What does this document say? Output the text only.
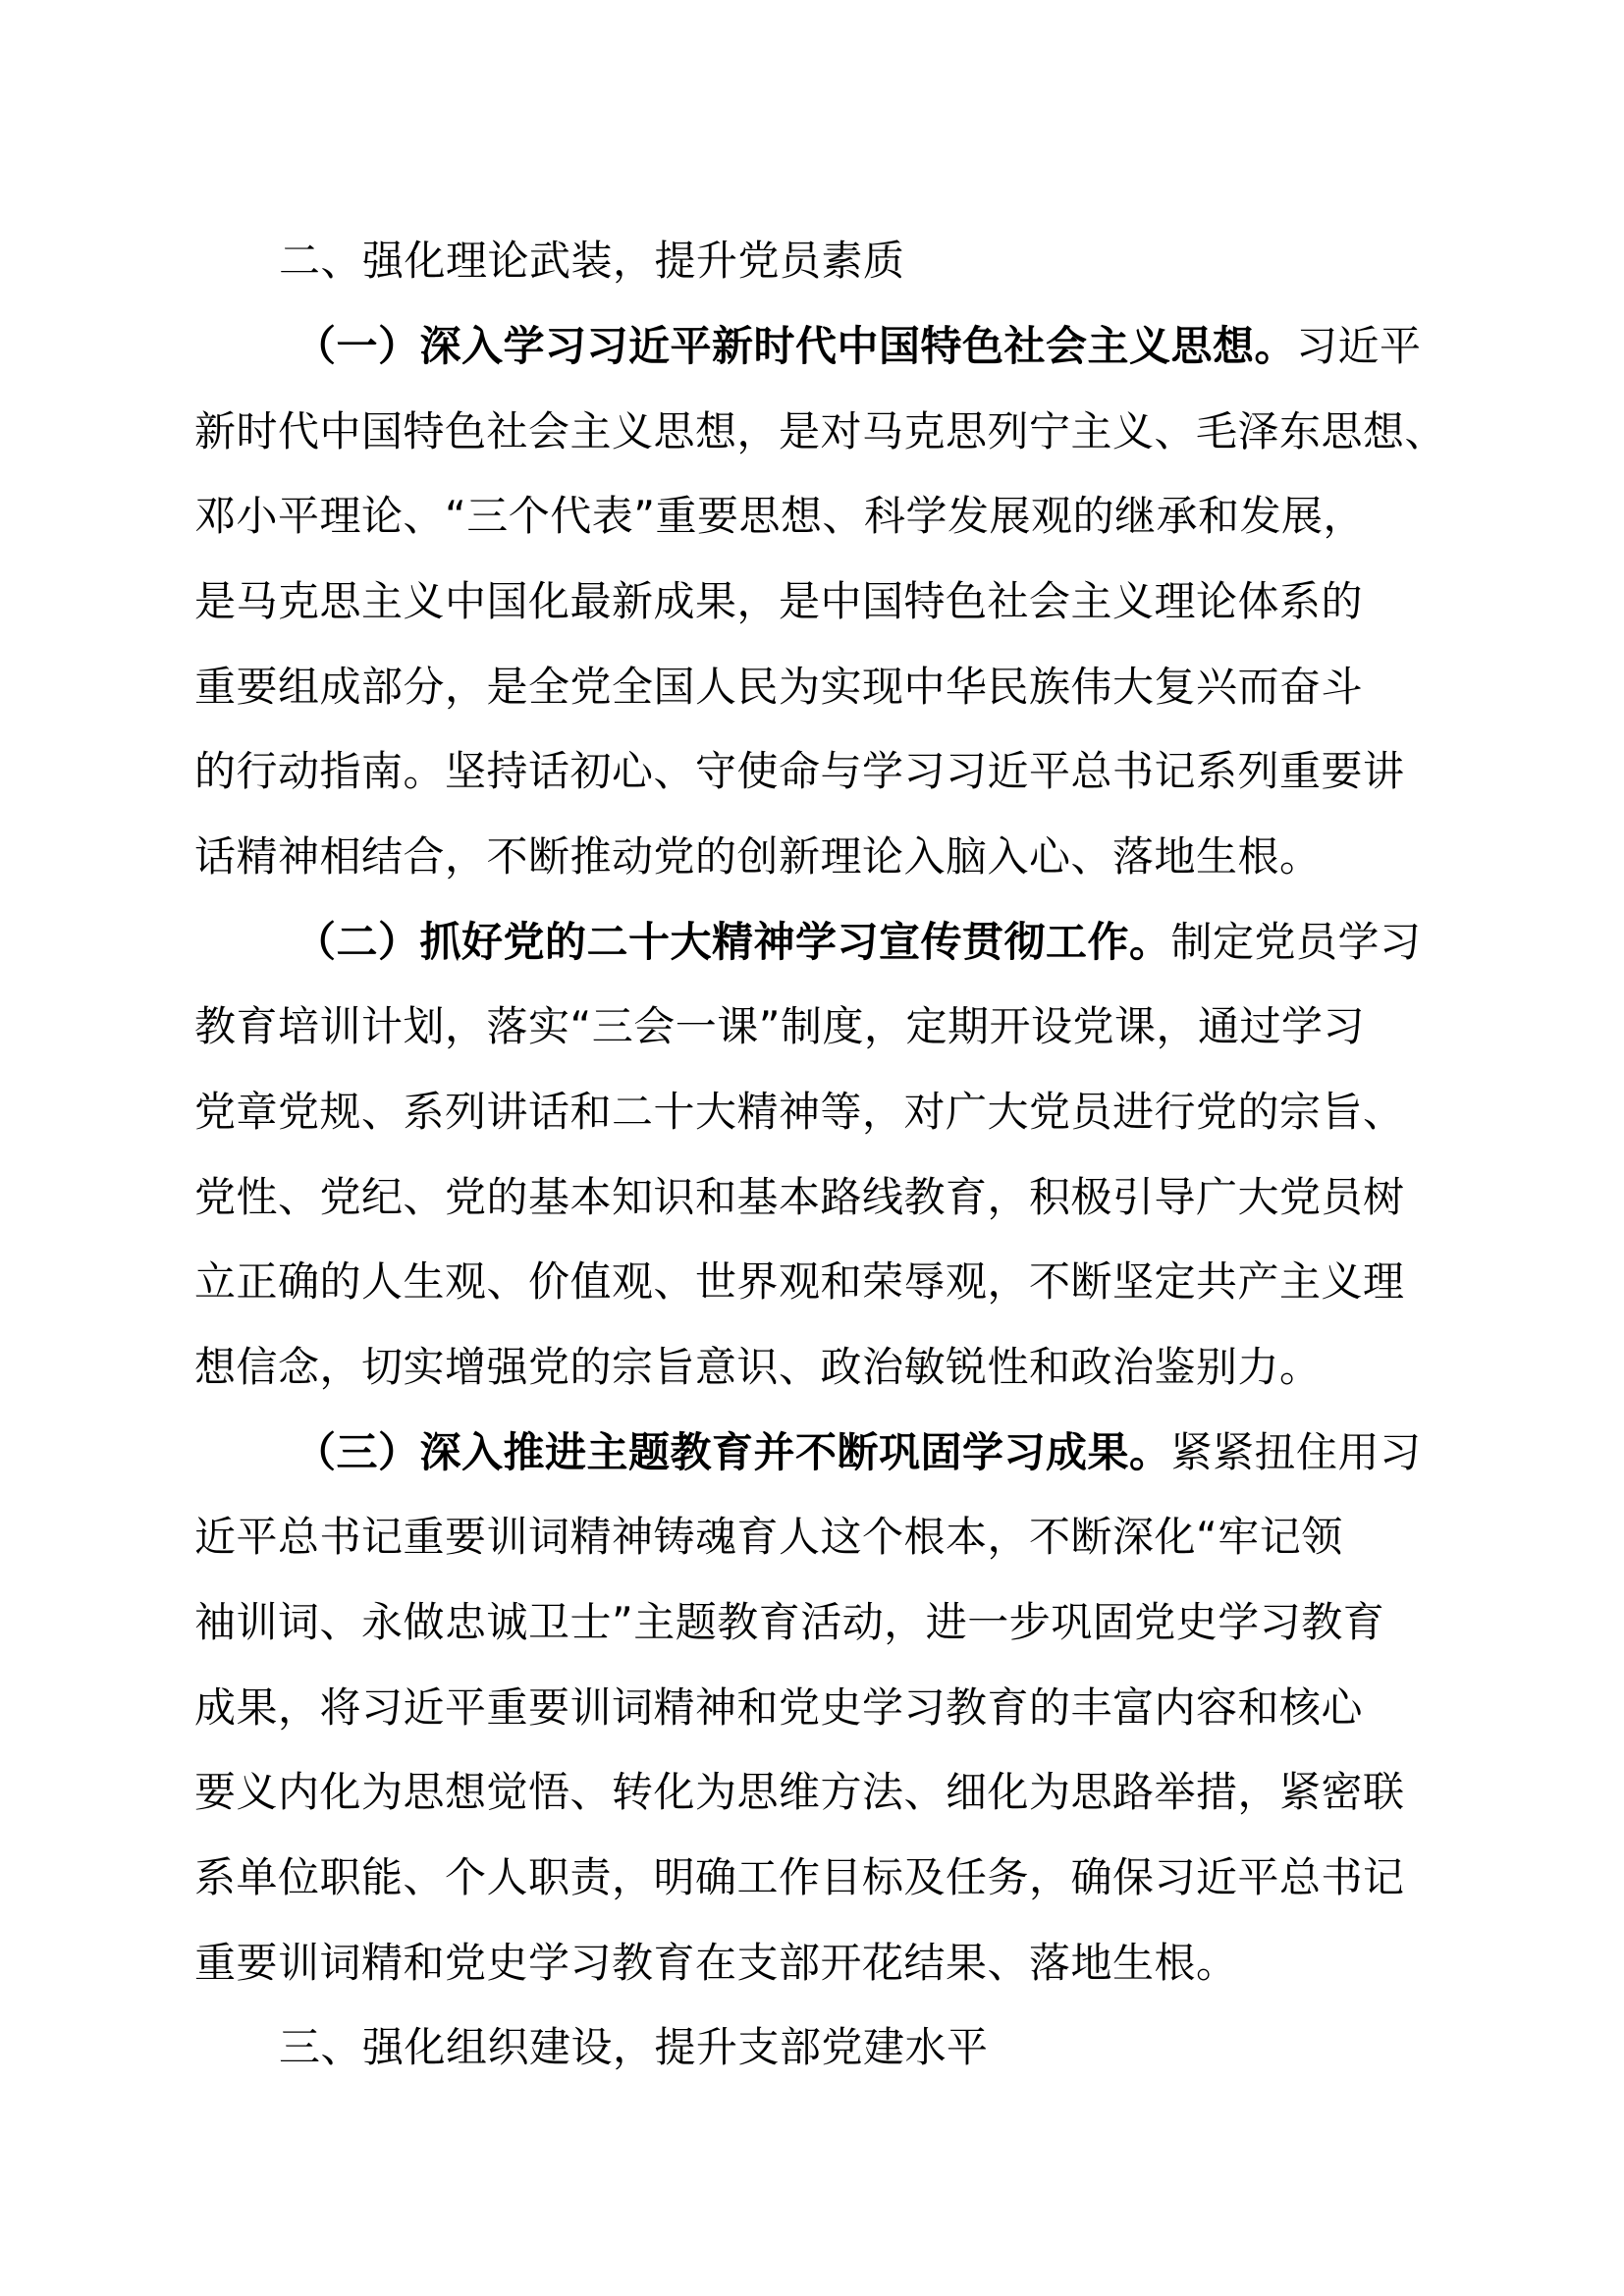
二、强化理论武装，提升党员素质
（一）深入学习习近平新时代中国特色社会主义思想。习近平
新时代中国特色社会主义思想，是对马克思列宁主义、毛泽东思想、
邓小平理论、“三个代表”重要思想、科学发展观的继承和发展，
是马克思主义中国化最新成果，是中国特色社会主义理论体系的
重要组成部分，是全党全国人民为实现中华民族伟大复兴而奋斗
的行动指南。坚持话初心、守使命与学习习近平总书记系列重要讲
话精神相结合，不断推动党的创新理论入脑入心、落地生根。
（二）抓好党的二十大精神学习宣传贯彻工作。制定党员学习
教育培训计划，落实“三会一课”制度，定期开设党课，通过学习
党章党规、系列讲话和二十大精神等，对广大党员进行党的宗旨、
党性、党纪、党的基本知识和基本路线教育，积极引导广大党员树
立正确的人生观、价值观、世界观和荣辱观，不断坚定共产主义理
想信念，切实增强党的宗旨意识、政治敏锐性和政治鉴别力。
（三）深入推进主题教育并不断巩固学习成果。紧紧扭住用习
近平总书记重要训词精神铸魂育人这个根本，不断深化“牢记领
袖训词、永做忠诚卫士”主题教育活动，进一步巩固党史学习教育
成果，将习近平重要训词精神和党史学习教育的丰富内容和核心
要义内化为思想觉悟、转化为思维方法、细化为思路举措，紧密联
系单位职能、个人职责，明确工作目标及任务，确保习近平总书记
重要训词精和党史学习教育在支部开花结果、落地生根。
三、强化组织建设，提升支部党建水平
